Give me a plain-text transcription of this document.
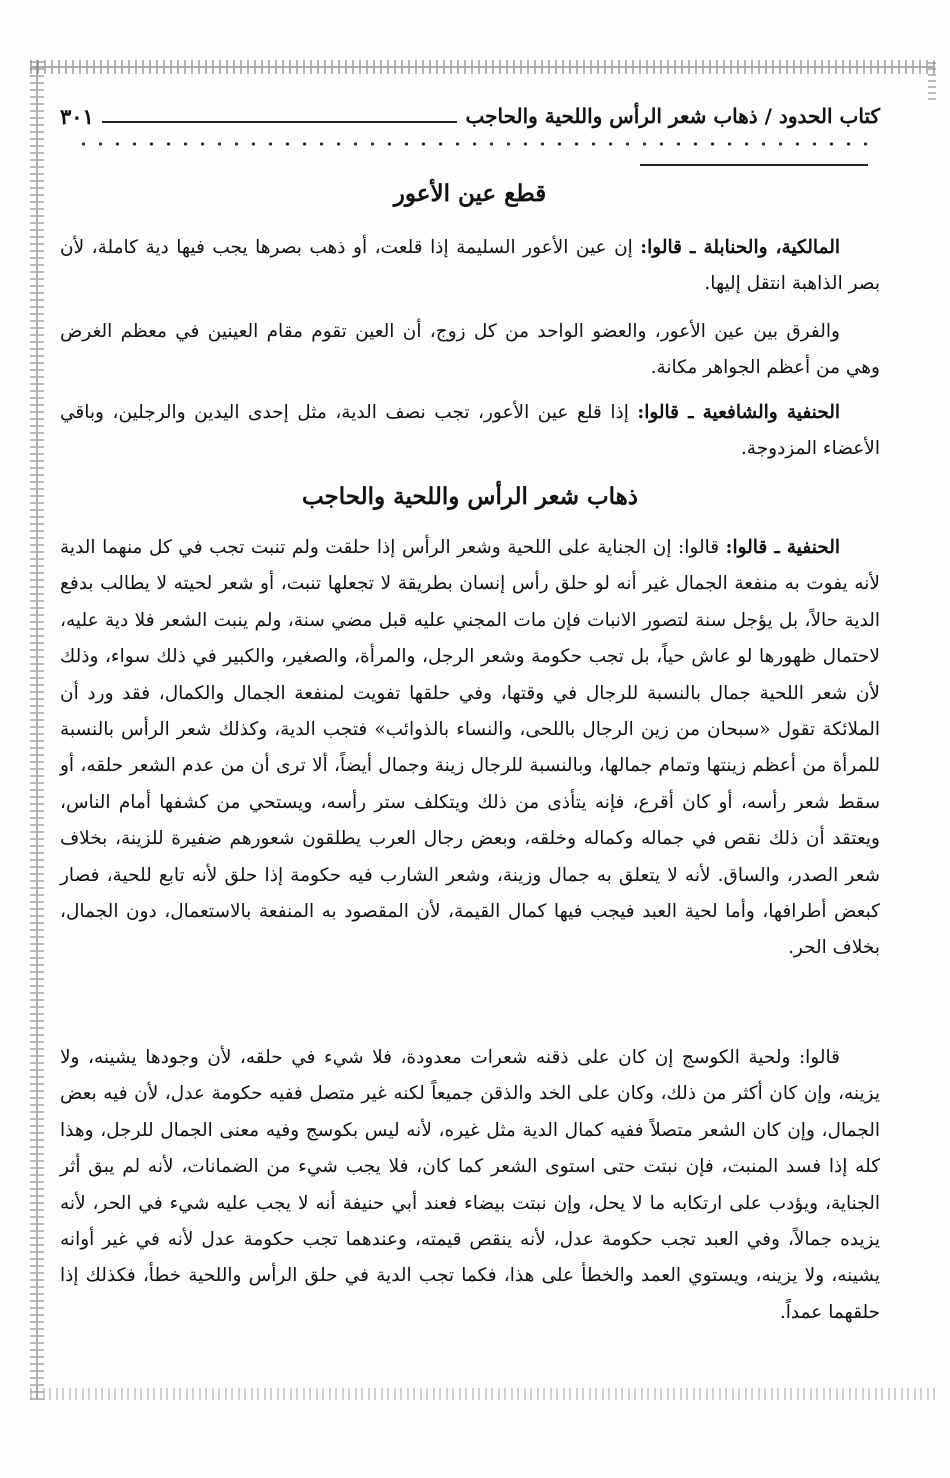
كتاب الحدود / ذهاب شعر الرأس واللحية والحاجب
٣٠١
قطع عين الأعور
المالكية، والحنابلة ـ قالوا: إن عين الأعور السليمة إذا قلعت، أو ذهب بصرها يجب فيها دية كاملة، لأن بصر الذاهبة انتقل إليها.
والفرق بين عين الأعور، والعضو الواحد من كل زوج، أن العين تقوم مقام العينين في معظم الغرض وهي من أعظم الجواهر مكانة.
الحنفية والشافعية ـ قالوا: إذا قلع عين الأعور، تجب نصف الدية، مثل إحدى اليدين والرجلين، وباقي الأعضاء المزدوجة.
ذهاب شعر الرأس واللحية والحاجب
الحنفية ـ قالوا: قالوا: إن الجناية على اللحية وشعر الرأس إذا حلقت ولم تنبت تجب في كل منهما الدية لأنه يفوت به منفعة الجمال غير أنه لو حلق رأس إنسان بطريقة لا تجعلها تنبت، أو شعر لحيته لا يطالب بدفع الدية حالاً، بل يؤجل سنة لتصور الانبات فإن مات المجني عليه قبل مضي سنة، ولم ينبت الشعر فلا دية عليه، لاحتمال ظهورها لو عاش حياً، بل تجب حكومة وشعر الرجل، والمرأة، والصغير، والكبير في ذلك سواء، وذلك لأن شعر اللحية جمال بالنسبة للرجال في وقتها، وفي حلقها تفويت لمنفعة الجمال والكمال، فقد ورد أن الملائكة تقول «سبحان من زين الرجال باللحى، والنساء بالذوائب» فتجب الدية، وكذلك شعر الرأس بالنسبة للمرأة من أعظم زينتها وتمام جمالها، وبالنسبة للرجال زينة وجمال أيضاً، ألا ترى أن من عدم الشعر حلقه، أو سقط شعر رأسه، أو كان أقرع، فإنه يتأذى من ذلك ويتكلف ستر رأسه، ويستحي من كشفها أمام الناس، ويعتقد أن ذلك نقص في جماله وكماله وخلقه، وبعض رجال العرب يطلقون شعورهم ضفيرة للزينة، بخلاف شعر الصدر، والساق. لأنه لا يتعلق به جمال وزينة، وشعر الشارب فيه حكومة إذا حلق لأنه تابع للحية، فصار كبعض أطرافها، وأما لحية العبد فيجب فيها كمال القيمة، لأن المقصود به المنفعة بالاستعمال، دون الجمال، بخلاف الحر.
قالوا: ولحية الكوسج إن كان على ذقنه شعرات معدودة، فلا شيء في حلقه، لأن وجودها يشينه، ولا يزينه، وإن كان أكثر من ذلك، وكان على الخد والذقن جميعاً لكنه غير متصل ففيه حكومة عدل، لأن فيه بعض الجمال، وإن كان الشعر متصلاً ففيه كمال الدية مثل غيره، لأنه ليس بكوسج وفيه معنى الجمال للرجل، وهذا كله إذا فسد المنبت، فإن نبتت حتى استوى الشعر كما كان، فلا يجب شيء من الضمانات، لأنه لم يبق أثر الجناية، ويؤدب على ارتكابه ما لا يحل، وإن نبتت بيضاء فعند أبي حنيفة أنه لا يجب عليه شيء في الحر، لأنه يزيده جمالاً، وفي العبد تجب حكومة عدل، لأنه ينقص قيمته، وعندهما تجب حكومة عدل لأنه في غير أوانه يشينه، ولا يزينه، ويستوي العمد والخطأ على هذا، فكما تجب الدية في حلق الرأس واللحية خطأ، فكذلك إذا حلقهما عمداً.
